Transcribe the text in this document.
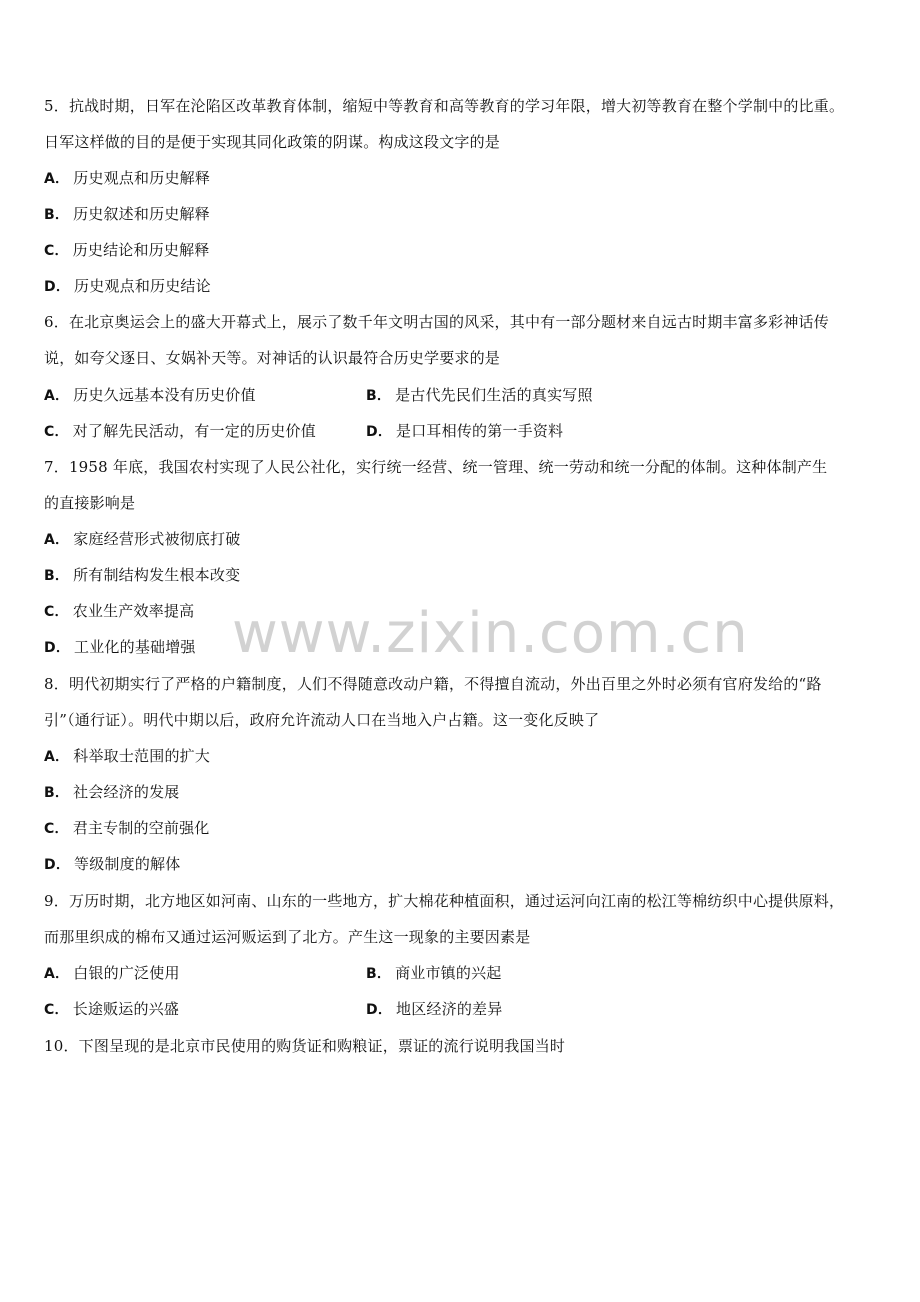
5．抗战时期，日军在沦陷区改革教育体制，缩短中等教育和高等教育的学习年限，增大初等教育在整个学制中的比重。
日军这样做的目的是便于实现其同化政策的阴谋。构成这段文字的是
A． 历史观点和历史解释
B． 历史叙述和历史解释
C． 历史结论和历史解释
D． 历史观点和历史结论
6．在北京奥运会上的盛大开幕式上，展示了数千年文明古国的风采，其中有一部分题材来自远古时期丰富多彩神话传
说，如夸父逐日、女娲补天等。对神话的认识最符合历史学要求的是
A． 历史久远基本没有历史价值	B． 是古代先民们生活的真实写照
C． 对了解先民活动，有一定的历史价值	D． 是口耳相传的第一手资料
7．1958 年底，我国农村实现了人民公社化，实行统一经营、统一管理、统一劳动和统一分配的体制。这种体制产生
的直接影响是
A． 家庭经营形式被彻底打破
B． 所有制结构发生根本改变
C． 农业生产效率提高
D． 工业化的基础增强
8．明代初期实行了严格的户籍制度，人们不得随意改动户籍，不得擅自流动，外出百里之外时必须有官府发给的“路
引”（通行证）。明代中期以后，政府允许流动人口在当地入户占籍。这一变化反映了
A． 科举取士范围的扩大
B． 社会经济的发展
C． 君主专制的空前强化
D． 等级制度的解体
9．万历时期，北方地区如河南、山东的一些地方，扩大棉花种植面积，通过运河向江南的松江等棉纺织中心提供原料，
而那里织成的棉布又通过运河贩运到了北方。产生这一现象的主要因素是
A． 白银的广泛使用	B． 商业市镇的兴起
C． 长途贩运的兴盛	D． 地区经济的差异
10．下图呈现的是北京市民使用的购货证和购粮证，票证的流行说明我国当时
www.zixin.com.cn
